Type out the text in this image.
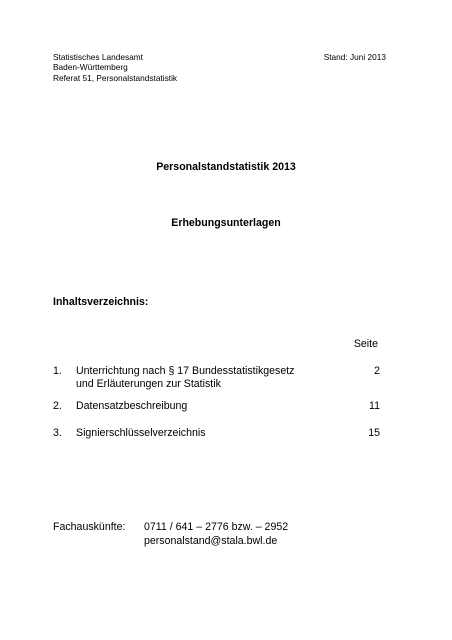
Statistisches Landesamt
Baden-Württemberg
Referat 51, Personalstandstatistik
Stand: Juni 2013
Personalstandstatistik 2013
Erhebungsunterlagen
Inhaltsverzeichnis:
Seite
1. Unterrichtung nach § 17 Bundesstatistikgesetz
und Erläuterungen zur Statistik
2
2. Datensatzbeschreibung	11
3. Signierschlüsselverzeichnis	15
Fachauskünfte: 0711 / 641 – 2776 bzw. – 2952
personalstand@stala.bwl.de
